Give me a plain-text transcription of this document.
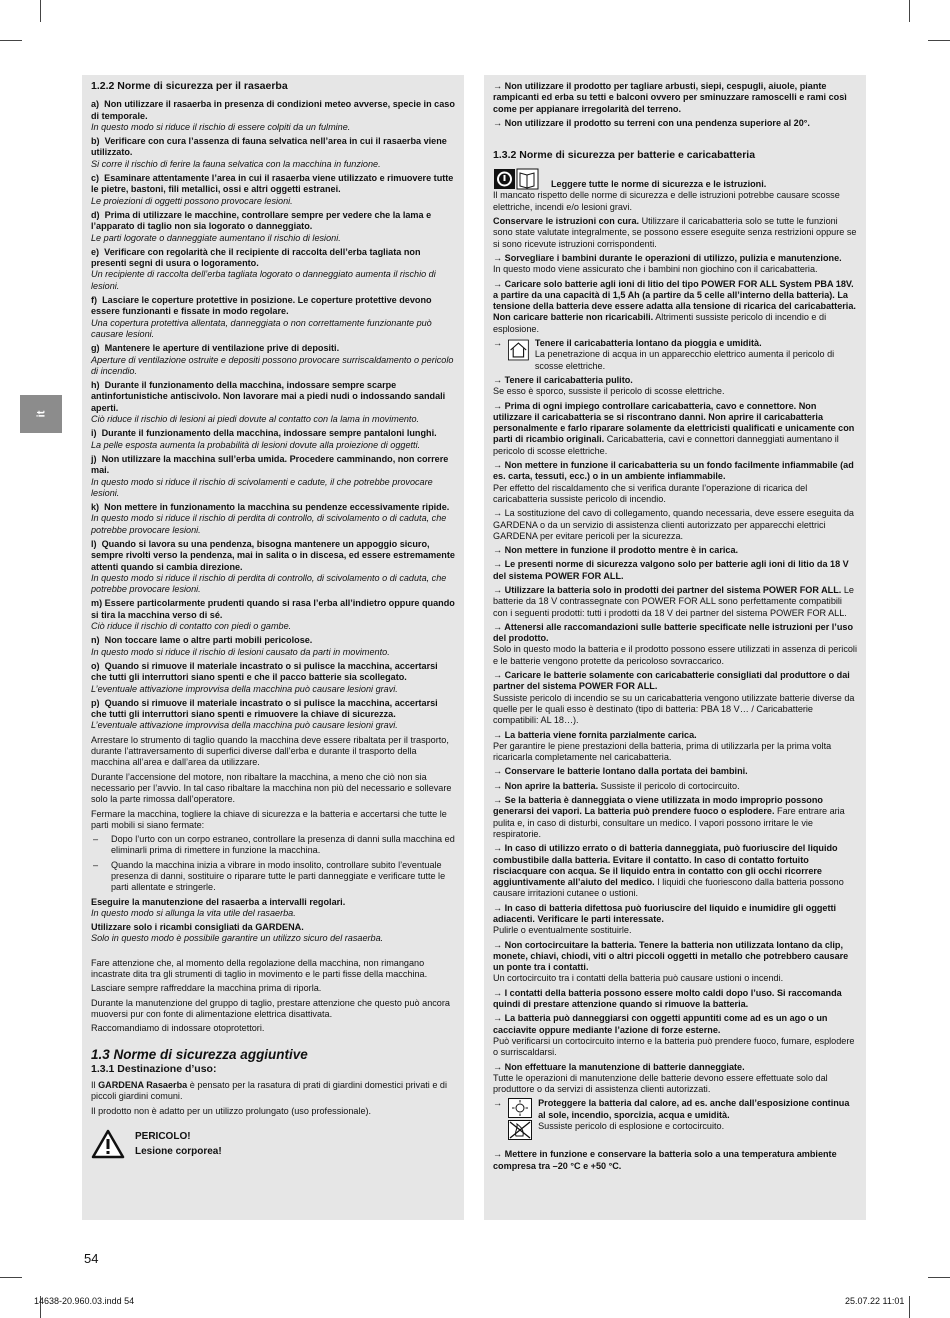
it

1.2.2 Norme di sicurezza per il rasaerba

a)  Non utilizzare il rasaerba in presenza di condizioni meteo avverse, specie in caso di temporale.
In questo modo si riduce il rischio di essere colpiti da un fulmine.

b)  Verificare con cura l’assenza di fauna selvatica nell’area in cui il rasaerba viene utilizzato.
Si corre il rischio di ferire la fauna selvatica con la macchina in funzione.

c)  Esaminare attentamente l’area in cui il rasaerba viene utilizzato e rimuovere tutte le pietre, bastoni, fili metallici, ossi e altri oggetti estranei.
Le proiezioni di oggetti possono provocare lesioni.

d)  Prima di utilizzare le macchine, controllare sempre per vedere che la lama e l’apparato di taglio non sia logorato o danneggiato.
Le parti logorate o danneggiate aumentano il rischio di lesioni.

e)  Verificare con regolarità che il recipiente di raccolta dell’erba tagliata non presenti segni di usura o logoramento.
Un recipiente di raccolta dell’erba tagliata logorato o danneggiato aumenta il rischio di lesioni.

f)  Lasciare le coperture protettive in posizione. Le coperture protettive devono essere funzionanti e fissate in modo regolare.
Una copertura protettiva allentata, danneggiata o non correttamente funzionante può causare lesioni.

g)  Mantenere le aperture di ventilazione prive di depositi.
Aperture di ventilazione ostruite e depositi possono provocare surriscaldamento o pericolo di incendio.

h)  Durante il funzionamento della macchina, indossare sempre scarpe antinfortunistiche antiscivolo. Non lavorare mai a piedi nudi o indossando sandali aperti.
Ciò riduce il rischio di lesioni ai piedi dovute al contatto con la lama in movimento.

i)  Durante il funzionamento della macchina, indossare sempre pantaloni lunghi.
La pelle esposta aumenta la probabilità di lesioni dovute alla proiezione di oggetti.

j)  Non utilizzare la macchina sull’erba umida. Procedere camminando, non correre mai.
In questo modo si riduce il rischio di scivolamenti e cadute, il che potrebbe provocare lesioni.

k)  Non mettere in funzionamento la macchina su pendenze eccessivamente ripide.
In questo modo si riduce il rischio di perdita di controllo, di scivolamento o di caduta, che potrebbe provocare lesioni.

l)  Quando si lavora su una pendenza, bisogna mantenere un appoggio sicuro, sempre rivolti verso la pendenza, mai in salita o in discesa, ed essere estremamente attenti quando si cambia direzione.
In questo modo si riduce il rischio di perdita di controllo, di scivolamento o di caduta, che potrebbe provocare lesioni.

m) Essere particolarmente prudenti quando si rasa l’erba all’indietro oppure quando si tira la macchina verso di sé.
Ciò riduce il rischio di contatto con piedi o gambe.

n)  Non toccare lame o altre parti mobili pericolose.
In questo modo si riduce il rischio di lesioni causato da parti in movimento.

o)  Quando si rimuove il materiale incastrato o si pulisce la macchina, accertarsi che tutti gli interruttori siano spenti e che il pacco batterie sia scollegato.
L’eventuale attivazione improvvisa della macchina può causare lesioni gravi.

p)  Quando si rimuove il materiale incastrato o si pulisce la macchina, accertarsi che tutti gli interruttori siano spenti e rimuovere la chiave di sicurezza.
L’eventuale attivazione improvvisa della macchina può causare lesioni gravi.

Arrestare lo strumento di taglio quando la macchina deve essere ribaltata per il trasporto, durante l’attraversamento di superfici diverse dall’erba e durante il trasporto della macchina all’area e dall’area da utilizzare.

Durante l’accensione del motore, non ribaltare la macchina, a meno che ciò non sia necessario per l’avvio. In tal caso ribaltare la macchina non più del necessario e sollevare solo la parte rimossa dall’operatore.

Fermare la macchina, togliere la chiave di sicurezza e la batteria e accertarsi che tutte le parti mobili si siano fermate:

– Dopo l’urto con un corpo estraneo, controllare la presenza di danni sulla macchina ed eliminarli prima di rimettere in funzione la macchina.

– Quando la macchina inizia a vibrare in modo insolito, controllare subito l’eventuale presenza di danni, sostituire o riparare tutte le parti danneggiate e verificare tutte le parti allentate e stringerle.

Eseguire la manutenzione del rasaerba a intervalli regolari.

In questo modo si allunga la vita utile del rasaerba.

Utilizzare solo i ricambi consigliati da GARDENA.

Solo in questo modo è possibile garantire un utilizzo sicuro del rasaerba.

Fare attenzione che, al momento della regolazione della macchina, non rimangano incastrate dita tra gli strumenti di taglio in movimento e le parti fisse della macchina.

Lasciare sempre raffreddare la macchina prima di riporla.

Durante la manutenzione del gruppo di taglio, prestare attenzione che questo può ancora muoversi pur con fonte di alimentazione elettrica disattivata.

Raccomandiamo di indossare otoprotettori.

1.3 Norme di sicurezza aggiuntive

1.3.1 Destinazione d’uso:

Il GARDENA Rasaerba è pensato per la rasatura di prati di giardini domestici privati e di piccoli giardini comuni.

Il prodotto non è adatto per un utilizzo prolungato (uso professionale).

PERICOLO!

Lesione corporea!

→ Non utilizzare il prodotto per tagliare arbusti, siepi, cespugli, aiuole, piante rampicanti ed erba su tetti e balconi ovvero per sminuzzare ramoscelli e rami così come per appianare irregolarità del terreno.

→ Non utilizzare il prodotto su terreni con una pendenza superiore al 20°.

1.3.2 Norme di sicurezza per batterie e caricabatteria

Leggere tutte le norme di sicurezza e le istruzioni.

Il mancato rispetto delle norme di sicurezza e delle istruzioni potrebbe causare scosse elettriche, incendi e/o lesioni gravi.

Conservare le istruzioni con cura. Utilizzare il caricabatteria solo se tutte le funzioni sono state valutate integralmente, se possono essere eseguite senza restrizioni oppure se si sono ricevute istruzioni corrispondenti.

→ Sorvegliare i bambini durante le operazioni di utilizzo, pulizia e manutenzione.

In questo modo viene assicurato che i bambini non giochino con il caricabatteria.

→ Caricare solo batterie agli ioni di litio del tipo POWER FOR ALL System PBA 18V. a partire da una capacità di 1,5 Ah (a partire da 5 celle all’interno della batteria). La tensione della batteria deve essere adatta alla tensione di ricarica del caricabatteria. Non caricare batterie non ricaricabili. Altrimenti sussiste pericolo di incendio e di esplosione.

→	Tenere il caricabatteria lontano da pioggia e umidità.

La penetrazione di acqua in un apparecchio elettrico aumenta il pericolo di scosse elettriche.

→ Tenere il caricabatteria pulito.

Se esso è sporco, sussiste il pericolo di scosse elettriche.

→ Prima di ogni impiego controllare caricabatteria, cavo e connettore. Non utilizzare il caricabatteria se si riscontrano danni. Non aprire il caricabatteria personalmente e farlo riparare solamente da elettricisti qualificati e unicamente con parti di ricambio originali. Caricabatteria, cavi e connettori danneggiati aumentano il pericolo di scosse elettriche.

→ Non mettere in funzione il caricabatteria su un fondo facilmente infiammabile (ad es. carta, tessuti, ecc.) o in un ambiente infiammabile.

Per effetto del riscaldamento che si verifica durante l’operazione di ricarica del caricabatteria sussiste pericolo di incendio.

→ La sostituzione del cavo di collegamento, quando necessaria, deve essere eseguita da GARDENA o da un servizio di assistenza clienti autorizzato per apparecchi elettrici GARDENA per evitare pericoli per la sicurezza.

→ Non mettere in funzione il prodotto mentre è in carica.

→ Le presenti norme di sicurezza valgono solo per batterie agli ioni di litio da 18 V del sistema POWER FOR ALL.

→ Utilizzare la batteria solo in prodotti dei partner del sistema POWER FOR ALL. Le batterie da 18 V contrassegnate con POWER FOR ALL sono perfettamente compatibili con i seguenti prodotti: tutti i prodotti da 18 V dei partner del sistema POWER FOR ALL.

→ Attenersi alle raccomandazioni sulle batterie specificate nelle istruzioni per l’uso del prodotto.

Solo in questo modo la batteria e il prodotto possono essere utilizzati in assenza di pericoli e le batterie vengono protette da pericoloso sovraccarico.

→ Caricare le batterie solamente con caricabatterie consigliati dal produttore o dai partner del sistema POWER FOR ALL.

Sussiste pericolo di incendio se su un caricabatteria vengono utilizzate batterie diverse da quelle per le quali esso è destinato (tipo di batteria: PBA 18 V… / Caricabatterie compatibili: AL 18…).

→ La batteria viene fornita parzialmente carica.

Per garantire le piene prestazioni della batteria, prima di utilizzarla per la prima volta ricaricarla completamente nel caricabatteria.

→ Conservare le batterie lontano dalla portata dei bambini.

→ Non aprire la batteria. Sussiste il pericolo di cortocircuito.

→ Se la batteria è danneggiata o viene utilizzata in modo improprio possono generarsi dei vapori. La batteria può prendere fuoco o esplodere. Fare entrare aria pulita e, in caso di disturbi, consultare un medico. I vapori possono irritare le vie respiratorie.

→ In caso di utilizzo errato o di batteria danneggiata, può fuoriuscire del liquido combustibile dalla batteria. Evitare il contatto. In caso di contatto fortuito risciacquare con acqua. Se il liquido entra in contatto con gli occhi ricorrere aggiuntivamente all’aiuto del medico. I liquidi che fuoriescono dalla batteria possono causare irritazioni cutanee o ustioni.

→ In caso di batteria difettosa può fuoriuscire del liquido e inumidire gli oggetti adiacenti. Verificare le parti interessate.

Pulirle o eventualmente sostituirle.

→ Non cortocircuitare la batteria. Tenere la batteria non utilizzata lontano da clip, monete, chiavi, chiodi, viti o altri piccoli oggetti in metallo che potrebbero causare un ponte tra i contatti.

Un cortocircuito tra i contatti della batteria può causare ustioni o incendi.

→ I contatti della batteria possono essere molto caldi dopo l’uso. Si raccomanda quindi di prestare attenzione quando si rimuove la batteria.

→ La batteria può danneggiarsi con oggetti appuntiti come ad es un ago o un cacciavite oppure mediante l’azione di forze esterne.

Può verificarsi un cortocircuito interno e la batteria può prendere fuoco, fumare, esplodere o surriscaldarsi.

→ Non effettuare la manutenzione di batterie danneggiate.

Tutte le operazioni di manutenzione delle batterie devono essere effettuate solo dal produttore o da servizi di assistenza clienti autorizzati.

→	Proteggere la batteria dal calore, ad es. anche dall’esposizione continua al sole, incendio, sporcizia, acqua e umidità.

Sussiste pericolo di esplosione e cortocircuito.

→ Mettere in funzione e conservare la batteria solo a una temperatura ambiente compresa tra –20 °C e +50 °C.

54
14638-20.960.03.indd 54	25.07.22 11:01
